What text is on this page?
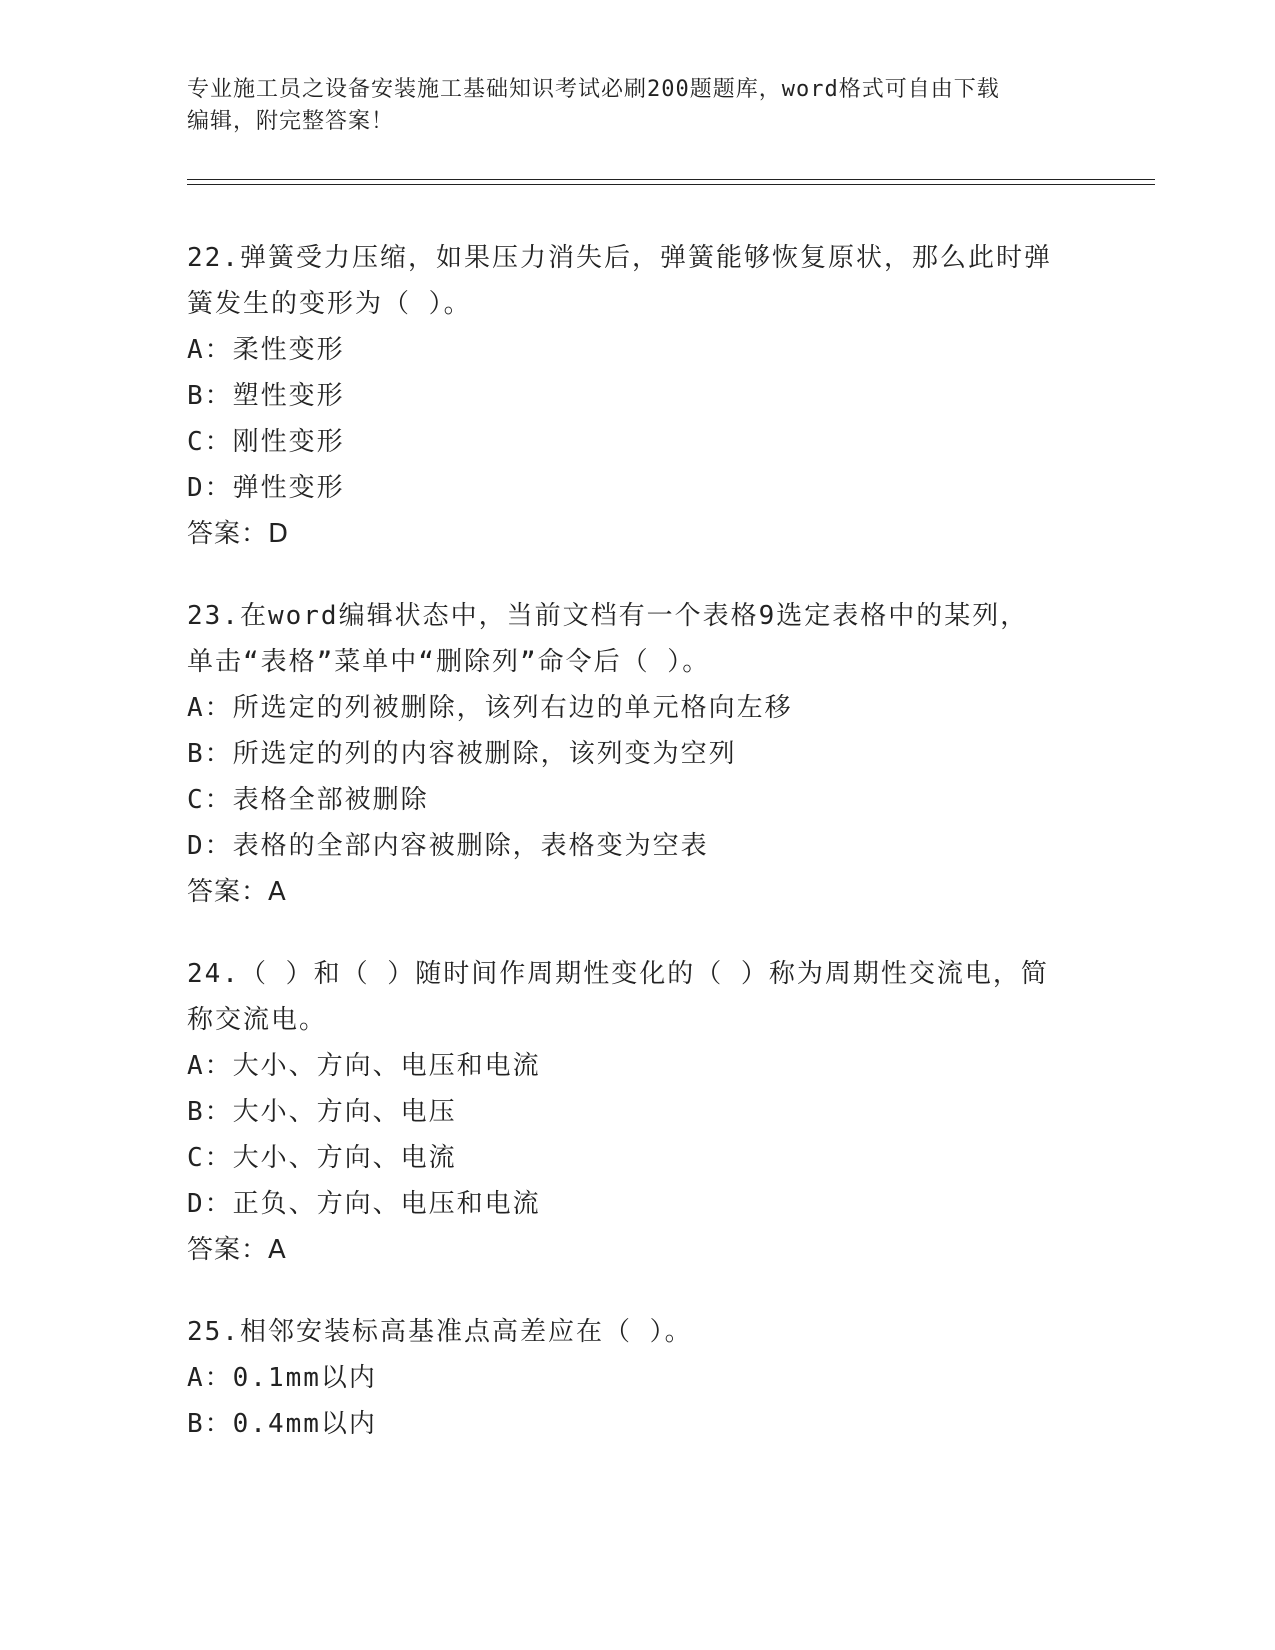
专业施工员之设备安装施工基础知识考试必刷200题题库，word格式可自由下载
编辑，附完整答案！
22.弹簧受力压缩，如果压力消失后，弹簧能够恢复原状，那么此时弹
簧发生的变形为（ ）。
A：柔性变形
B：塑性变形
C：刚性变形
D：弹性变形
答案：D
23.在word编辑状态中，当前文档有一个表格9选定表格中的某列，
单击“表格”菜单中“删除列”命令后（ ）。
A：所选定的列被删除，该列右边的单元格向左移
B：所选定的列的内容被删除，该列变为空列
C：表格全部被删除
D：表格的全部内容被删除，表格变为空表
答案：A
24.（ ）和（ ）随时间作周期性变化的（ ）称为周期性交流电，简
称交流电。
A：大小、方向、电压和电流
B：大小、方向、电压
C：大小、方向、电流
D：正负、方向、电压和电流
答案：A
25.相邻安装标高基准点高差应在（ ）。
A：0.1mm以内
B：0.4mm以内
